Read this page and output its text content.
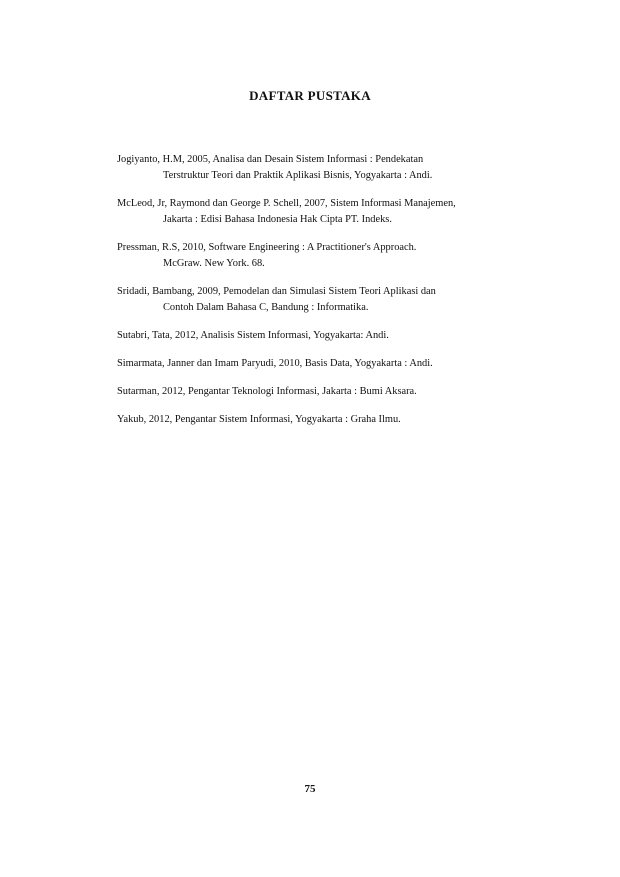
DAFTAR PUSTAKA
Jogiyanto, H.M, 2005, Analisa dan Desain Sistem Informasi : Pendekatan
Terstruktur Teori dan Praktik Aplikasi Bisnis, Yogyakarta : Andi.
McLeod, Jr, Raymond dan George P. Schell, 2007, Sistem Informasi Manajemen,
Jakarta : Edisi Bahasa Indonesia Hak Cipta PT. Indeks.
Pressman, R.S, 2010, Software Engineering : A Practitioner's Approach.
McGraw. New York. 68.
Sridadi, Bambang, 2009, Pemodelan dan Simulasi Sistem Teori Aplikasi dan
Contoh Dalam Bahasa C, Bandung : Informatika.
Sutabri, Tata, 2012, Analisis Sistem Informasi, Yogyakarta: Andi.
Simarmata, Janner dan Imam Paryudi, 2010, Basis Data, Yogyakarta : Andi.
Sutarman, 2012, Pengantar Teknologi Informasi, Jakarta : Bumi Aksara.
Yakub, 2012, Pengantar Sistem Informasi, Yogyakarta : Graha Ilmu.
75
